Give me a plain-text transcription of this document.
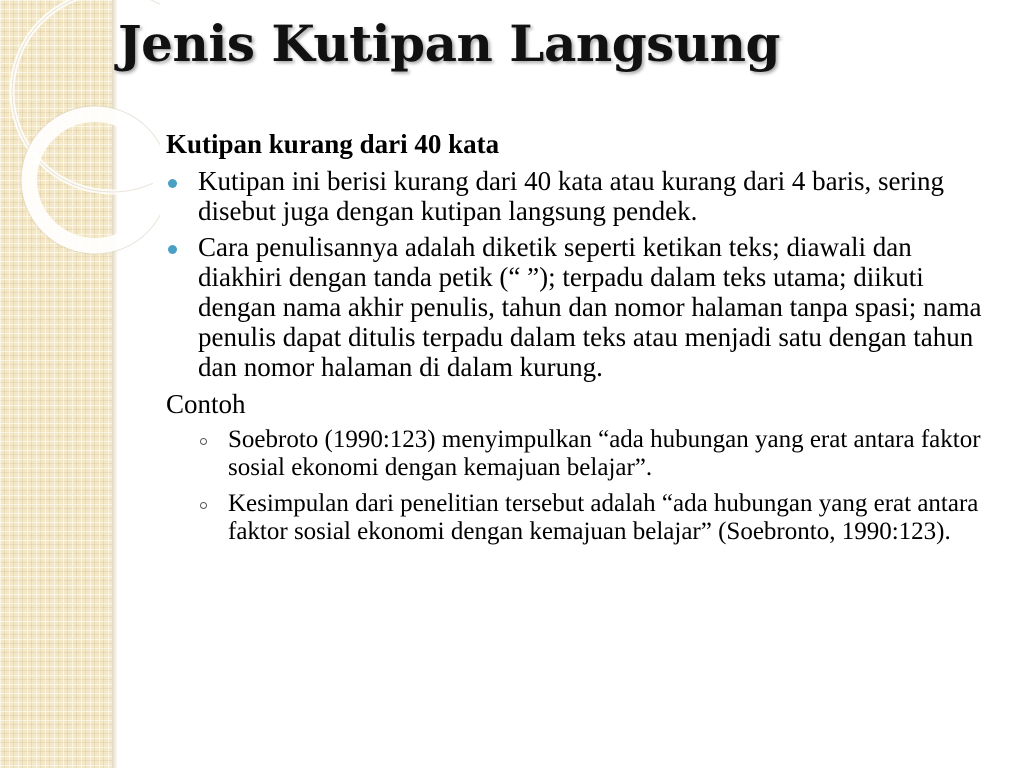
Jenis Kutipan Langsung
Kutipan kurang dari 40 kata
Kutipan ini berisi kurang dari 40 kata atau kurang dari 4 baris, sering disebut juga dengan kutipan langsung pendek.
Cara penulisannya adalah diketik seperti ketikan teks; diawali dan diakhiri dengan tanda petik (“ ”); terpadu dalam teks utama; diikuti dengan nama akhir penulis, tahun dan nomor halaman tanpa spasi; nama penulis dapat ditulis terpadu dalam teks atau menjadi satu dengan tahun dan nomor halaman di dalam kurung.
Contoh
Soebroto (1990:123) menyimpulkan “ada hubungan yang erat antara faktor sosial ekonomi dengan kemajuan belajar”.
Kesimpulan dari penelitian tersebut adalah “ada hubungan yang erat antara faktor sosial ekonomi dengan kemajuan belajar” (Soebronto, 1990:123).
